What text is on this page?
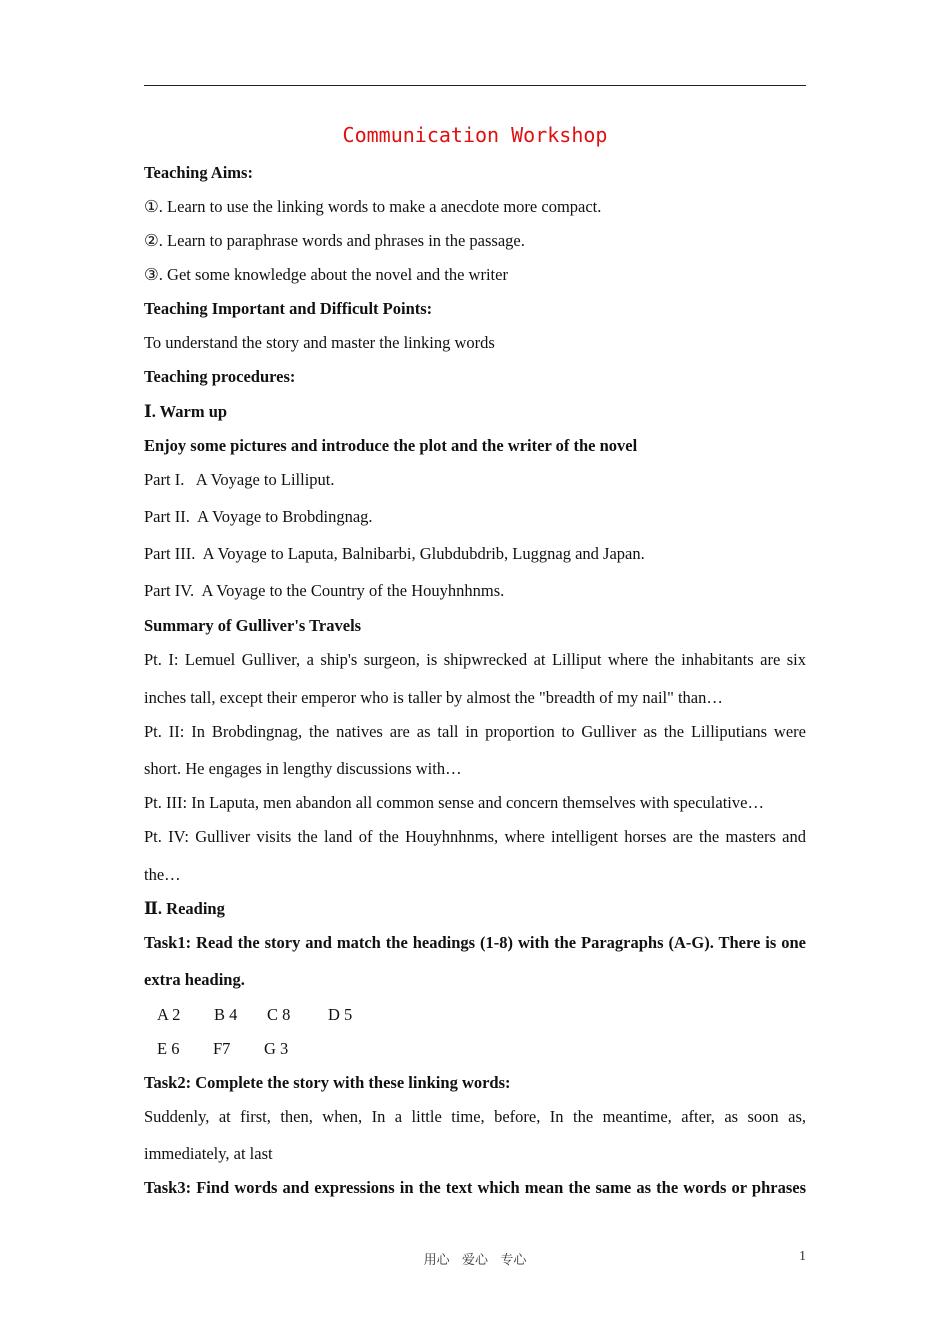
Communication Workshop
Teaching Aims:
①. Learn to use the linking words to make a anecdote more compact.
②. Learn to paraphrase words and phrases in the passage.
③. Get some knowledge about the novel and the writer
Teaching Important and Difficult Points:
To understand the story and master the linking words
Teaching procedures:
Ⅰ. Warm up
Enjoy some pictures and introduce the plot and the writer of the novel
Part I.   A Voyage to Lilliput.
Part II.  A Voyage to Brobdingnag.
Part III.  A Voyage to Laputa, Balnibarbi, Glubdubdrib, Luggnag and Japan.
Part IV.  A Voyage to the Country of the Houyhnhnms.
Summary of Gulliver's Travels
Pt. I: Lemuel Gulliver, a ship's surgeon, is shipwrecked at Lilliput where the inhabitants are six
inches tall, except their emperor who is taller by almost the "breadth of my nail" than…
Pt. II: In Brobdingnag, the natives are as tall in proportion to Gulliver as the Lilliputians were
short. He engages in lengthy discussions with…
Pt. III: In Laputa, men abandon all common sense and concern themselves with speculative…
Pt. IV: Gulliver visits the land of the Houyhnhnms, where intelligent horses are the masters and
the…
Ⅱ. Reading
Task1: Read the story and match the headings (1-8) with the Paragraphs (A-G). There is one
extra heading.
A 2 B 4 C 8 D 5
E 6 F7 G 3
Task2: Complete the story with these linking words:
Suddenly, at first, then, when, In a little time, before, In the meantime, after, as soon as,
immediately, at last
Task3: Find words and expressions in the text which mean the same as the words or phrases
用心   爱心   专心	1
